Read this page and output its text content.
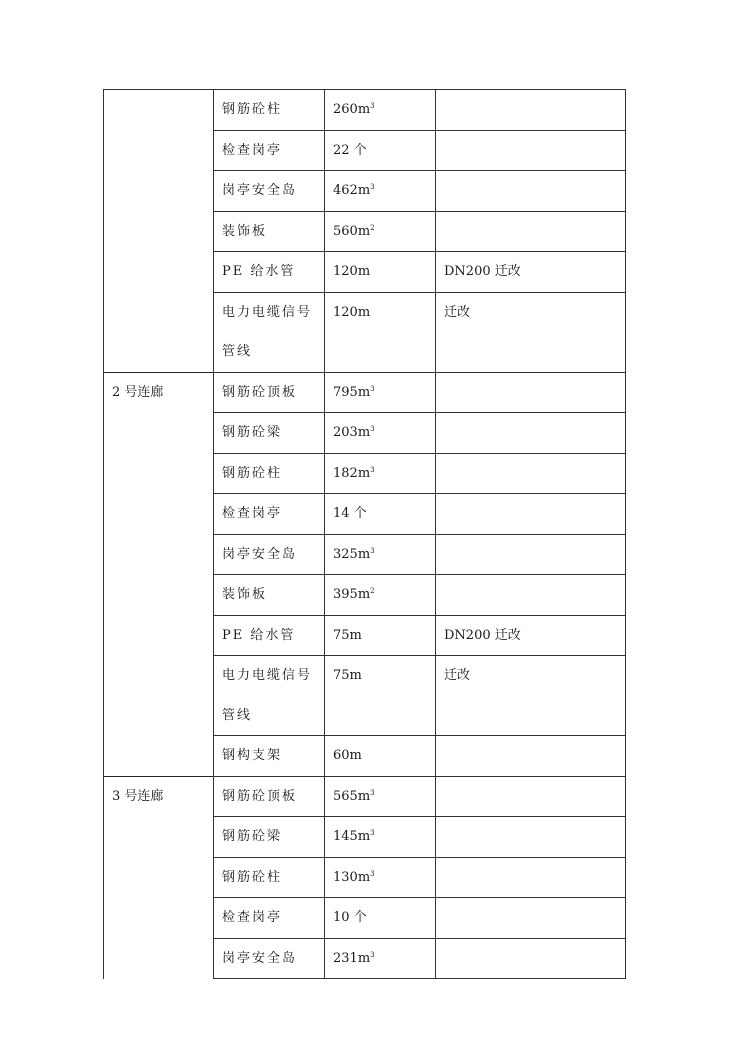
	钢筋砼柱	$260m^3$	

	检查岗亭	22 个	

	岗亭安全岛	$462m^3$	

	装饰板	$560m^2$	

	PE 给水管	120m	DN200 迁改

	电力电缆信号
管线	120m	迁改

2 号连廊	钢筋砼顶板	$795m^3$	

	钢筋砼梁	$203m^3$	

	钢筋砼柱	$182m^3$	

	检查岗亭	14 个	

	岗亭安全岛	$325m^3$	

	装饰板	$395m^2$	

	PE 给水管	75m	DN200 迁改

	电力电缆信号
管线	75m	迁改

	钢构支架	60m	
3 号连廊	钢筋砼顶板	$565m^3$	

	钢筋砼梁	$145m^3$	

	钢筋砼柱	$130m^3$	

	检查岗亭	10 个	

	岗亭安全岛	$231m^3$	
